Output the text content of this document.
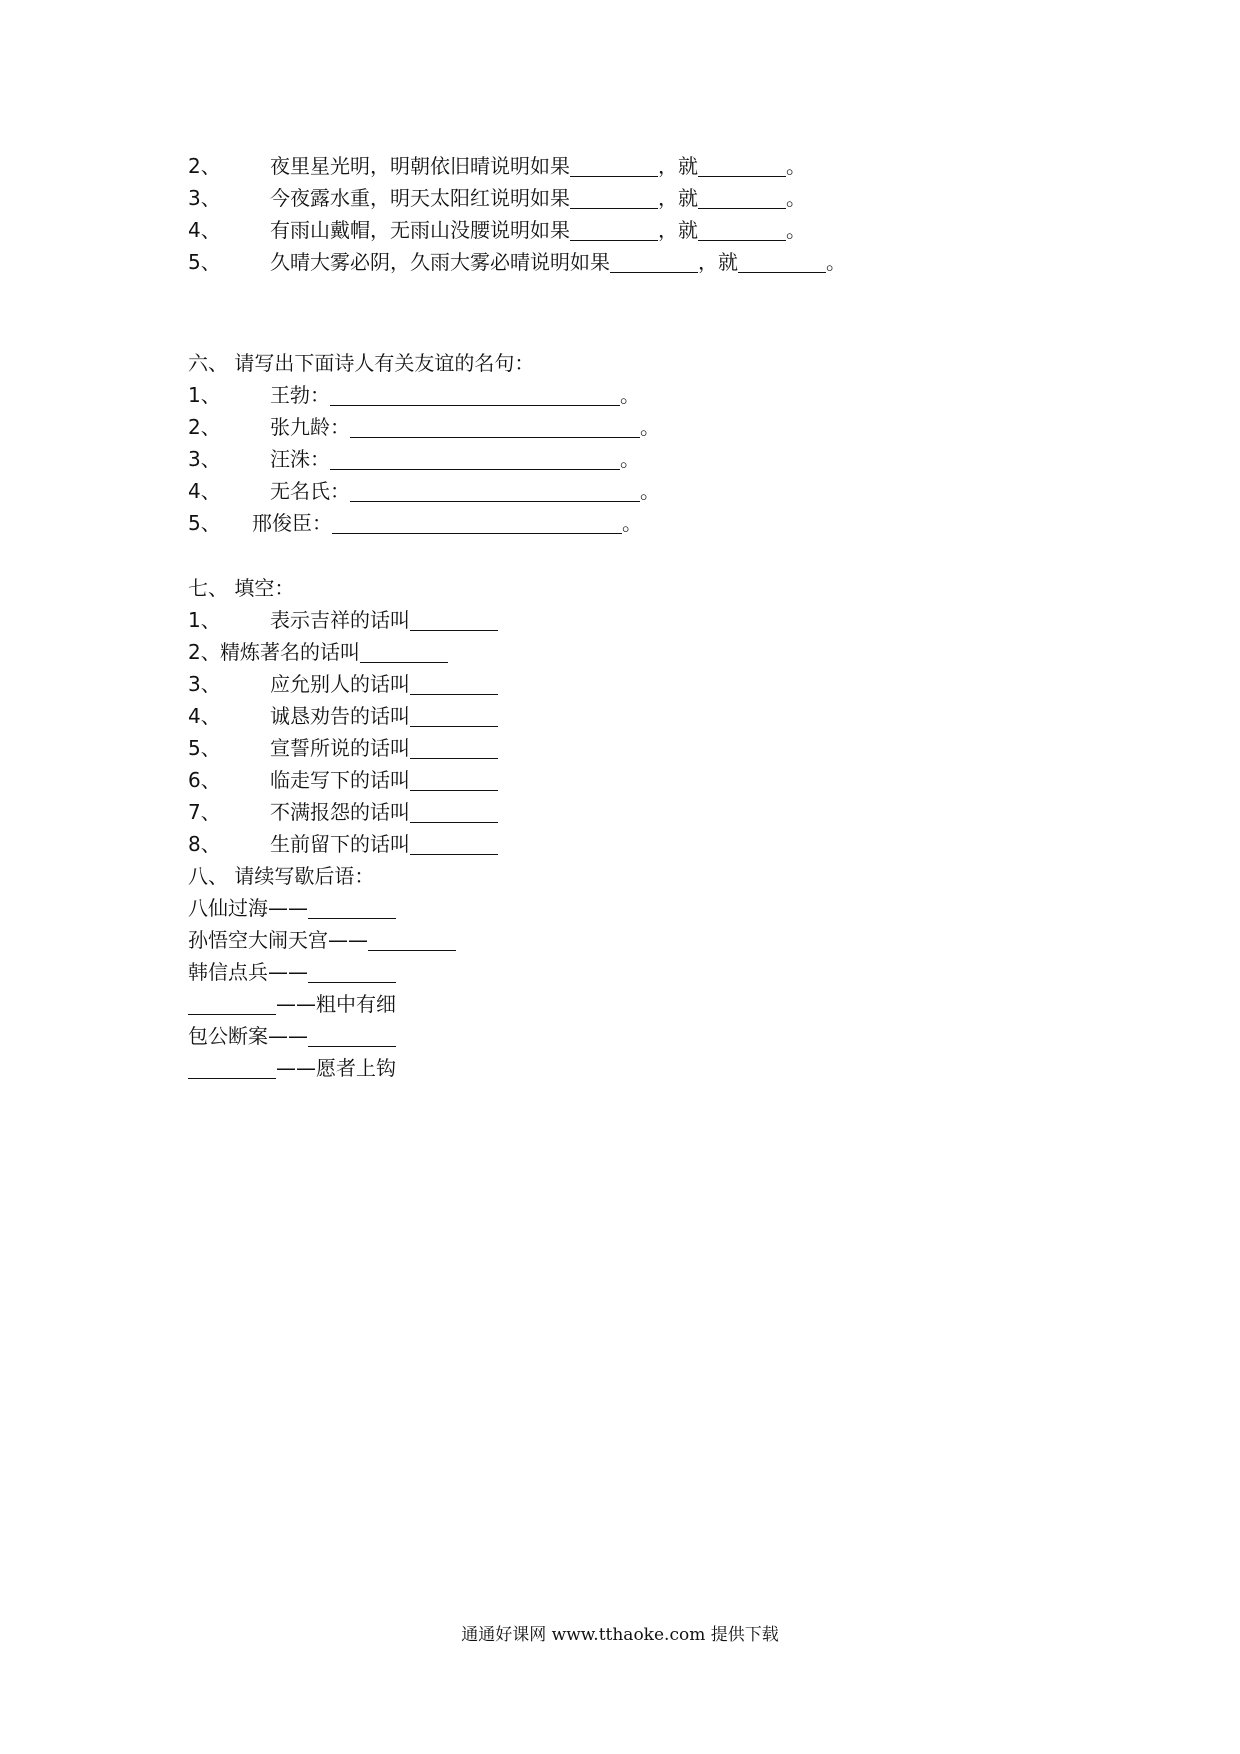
2、 夜里星光明，明朝依旧晴说明如果	，就	。
3、 今夜露水重，明天太阳红说明如果	，就	。
4、 有雨山戴帽，无雨山没腰说明如果	，就	。
5、 久晴大雾必阴，久雨大雾必晴说明如果	，就	。
六、 请写出下面诗人有关友谊的名句：
1、 王勃：	。
2、 张九龄：	。
3、 汪洙：	。
4、 无名氏：	。
5、 邢俊臣：	。
七、 填空：
1、 表示吉祥的话叫
2、精炼著名的话叫
3、 应允别人的话叫
4、 诚恳劝告的话叫
5、 宣誓所说的话叫
6、 临走写下的话叫
7、 不满报怨的话叫
8、 生前留下的话叫
八、 请续写歇后语：
八仙过海——
孙悟空大闹天宫——
韩信点兵——
——粗中有细
包公断案——
——愿者上钩
通通好课网 www.tthaoke.com 提供下载
